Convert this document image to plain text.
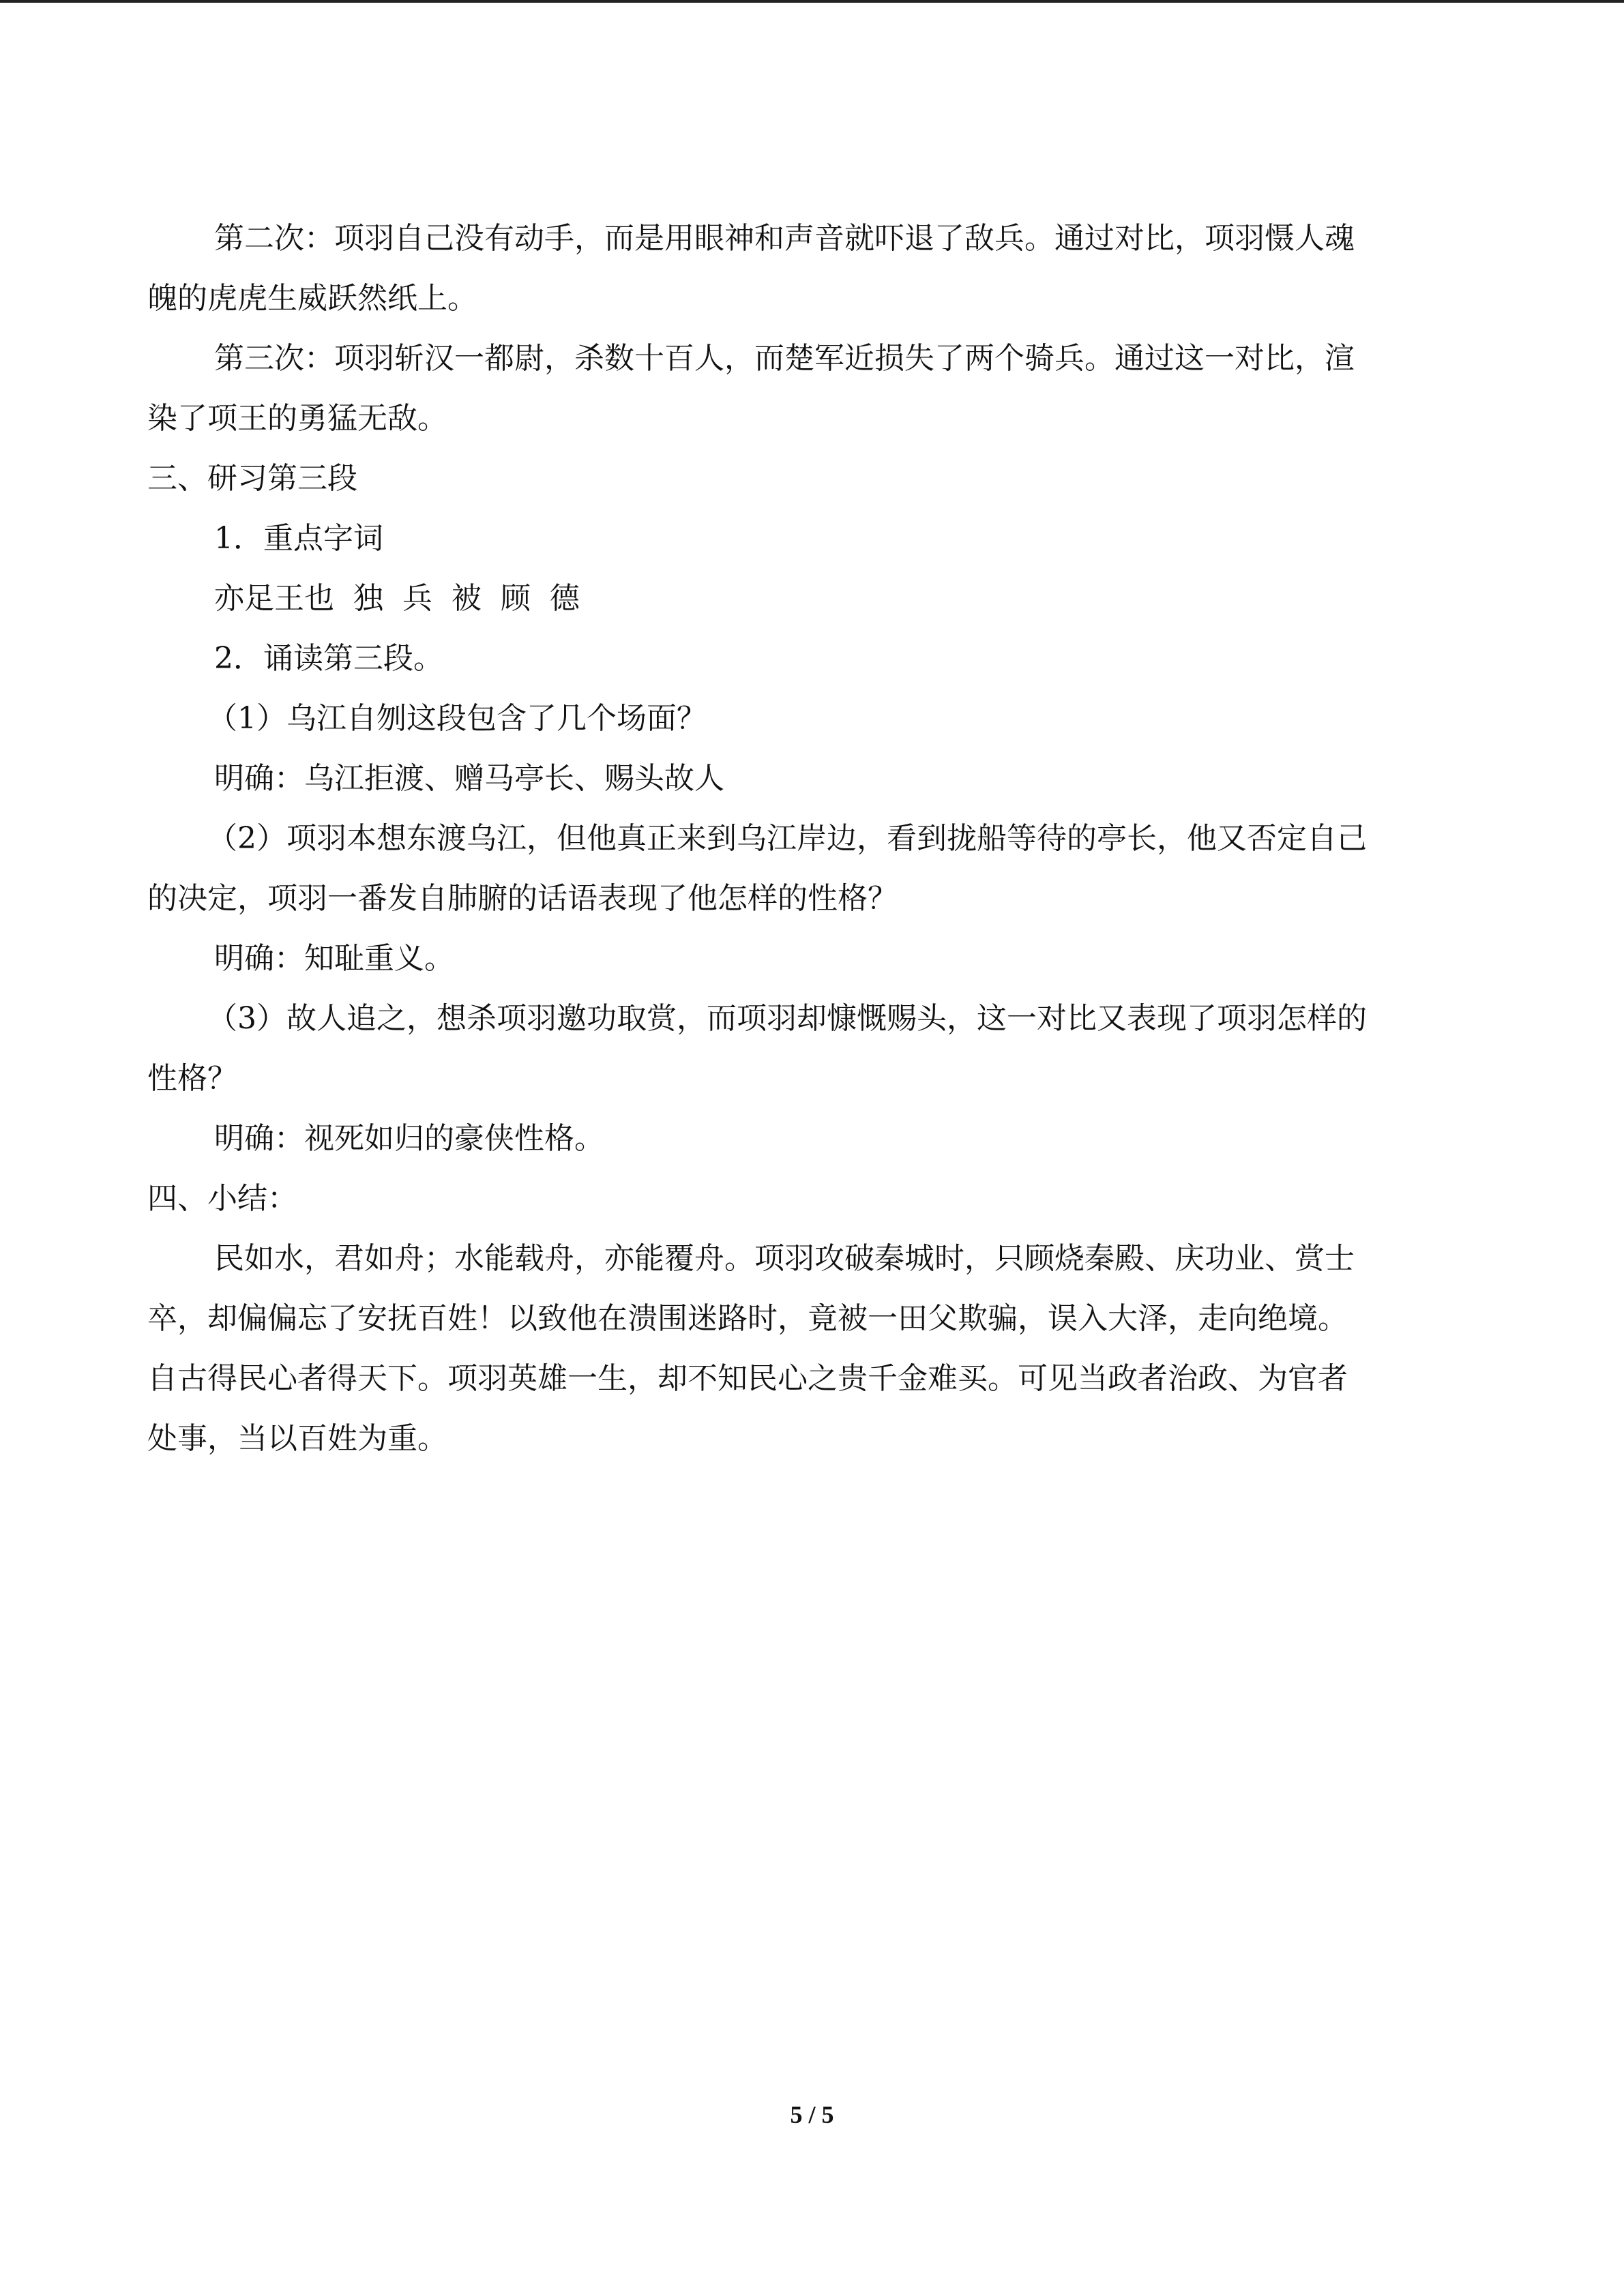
第二次：项羽自己没有动手，而是用眼神和声音就吓退了敌兵。通过对比，项羽慑人魂
魄的虎虎生威跃然纸上。
第三次：项羽斩汉一都尉，杀数十百人，而楚军近损失了两个骑兵。通过这一对比，渲
染了项王的勇猛无敌。
三、研习第三段
1．重点字词
亦足王也  独  兵  被  顾  德
2．诵读第三段。
（1）乌江自刎这段包含了几个场面？
明确：乌江拒渡、赠马亭长、赐头故人
（2）项羽本想东渡乌江，但他真正来到乌江岸边，看到拢船等待的亭长，他又否定自己
的决定，项羽一番发自肺腑的话语表现了他怎样的性格？
明确：知耻重义。
（3）故人追之，想杀项羽邀功取赏，而项羽却慷慨赐头，这一对比又表现了项羽怎样的
性格？
明确：视死如归的豪侠性格。
四、小结：
民如水，君如舟；水能载舟，亦能覆舟。项羽攻破秦城时，只顾烧秦殿、庆功业、赏士
卒，却偏偏忘了安抚百姓！以致他在溃围迷路时，竟被一田父欺骗，误入大泽，走向绝境。
自古得民心者得天下。项羽英雄一生，却不知民心之贵千金难买。可见当政者治政、为官者
处事，当以百姓为重。
5 / 5
